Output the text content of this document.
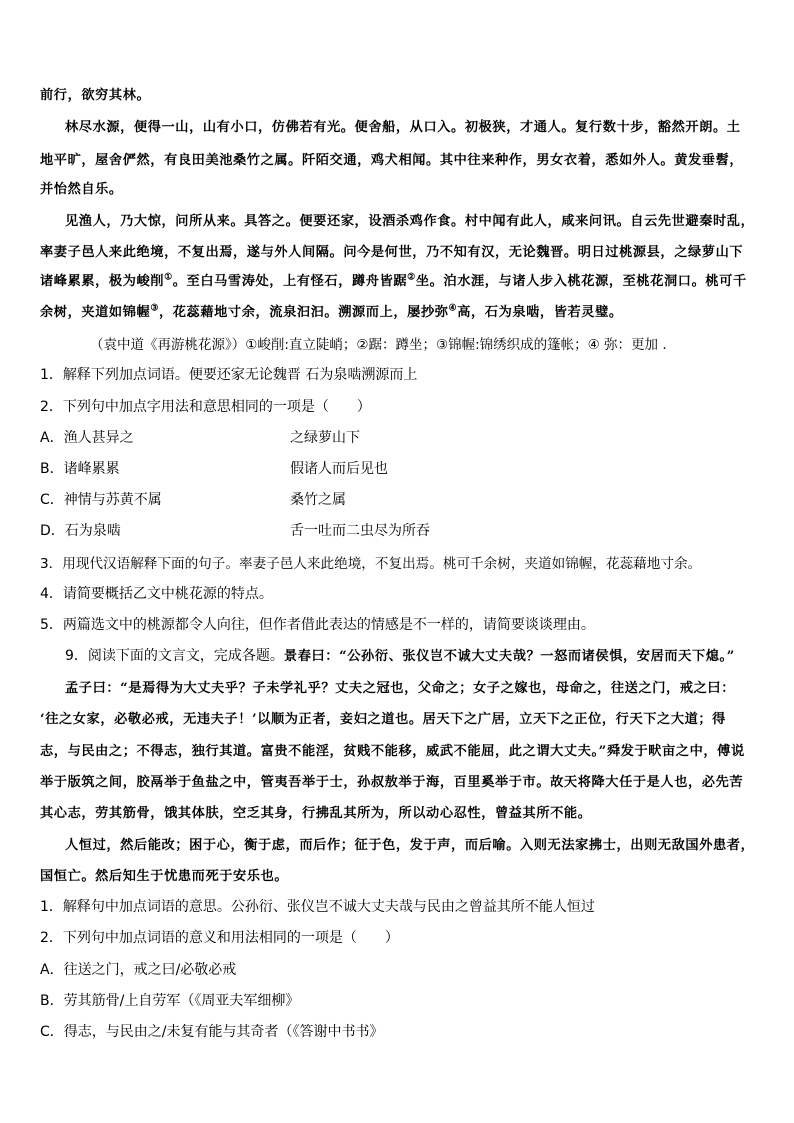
前行，欲穷其林。
林尽水源，便得一山，山有小口，仿佛若有光。便舍船，从口入。初极狭，才通人。复行数十步，豁然开朗。土
地平旷，屋舍俨然，有良田美池桑竹之属。阡陌交通，鸡犬相闻。其中往来种作，男女衣着，悉如外人。黄发垂髫，
并怡然自乐。
见渔人，乃大惊，问所从来。具答之。便要还家，设酒杀鸡作食。村中闻有此人，咸来问讯。自云先世避秦时乱，
率妻子邑人来此绝境，不复出焉，遂与外人间隔。问今是何世，乃不知有汉，无论魏晋。明日过桃源县，之绿萝山下
诸峰累累，极为峻削①。至白马雪涛处，上有怪石，蹲舟皆踞②坐。泊水涯，与诸人步入桃花源，至桃花洞口。桃可千
余树，夹道如锦幄③，花蕊藉地寸余，流泉汩汩。溯源而上，屡抄弥④高，石为泉啮，皆若灵璧。
（袁中道《再游桃花源》）①峻削:直立陡峭；②踞：蹲坐；③锦幄:锦绣织成的篷帐；④ 弥：更加 .
1．解释下列加点词语。便要还家无论魏晋 石为泉啮溯源而上
2．下列句中加点字用法和意思相同的一项是（　　）
A．渔人甚异之	之绿萝山下
B．诸峰累累	假诸人而后见也
C．神情与苏黄不属	桑竹之属
D．石为泉啮	舌一吐而二虫尽为所吞
3．用现代汉语解释下面的句子。率妻子邑人来此绝境，不复出焉。桃可千余树，夹道如锦幄，花蕊藉地寸余。
4．请简要概括乙文中桃花源的特点。
5．两篇选文中的桃源都令人向往，但作者借此表达的情感是不一样的，请简要谈谈理由。
9．阅读下面的文言文，完成各题。景春曰：“公孙衍、张仪岂不诚大丈夫哉？一怒而诸侯惧，安居而天下熄。”
孟子曰：“是焉得为大丈夫乎？子未学礼乎？丈夫之冠也，父命之；女子之嫁也，母命之，往送之门，戒之曰：
‘往之女家，必敬必戒，无违夫子！’以顺为正者，妾妇之道也。居天下之广居，立天下之正位，行天下之大道；得
志，与民由之；不得志，独行其道。富贵不能淫，贫贱不能移，威武不能屈，此之谓大丈夫。”舜发于畎亩之中，傅说
举于版筑之间，胶鬲举于鱼盐之中，管夷吾举于士，孙叔敖举于海，百里奚举于市。故天将降大任于是人也，必先苦
其心志，劳其筋骨，饿其体肤，空乏其身，行拂乱其所为，所以动心忍性，曾益其所不能。
人恒过，然后能改；困于心，衡于虑，而后作；征于色，发于声，而后喻。入则无法家拂士，出则无敌国外患者，
国恒亡。然后知生于忧患而死于安乐也。
1．解释句中加点词语的意思。公孙衍、张仪岂不诚大丈夫哉与民由之曾益其所不能人恒过
2．下列句中加点词语的意义和用法相同的一项是（　　）
A．往送之门，戒之曰/必敬必戒
B．劳其筋骨/上自劳军（《周亚夫军细柳》
C．得志，与民由之/未复有能与其奇者（《答谢中书书》
